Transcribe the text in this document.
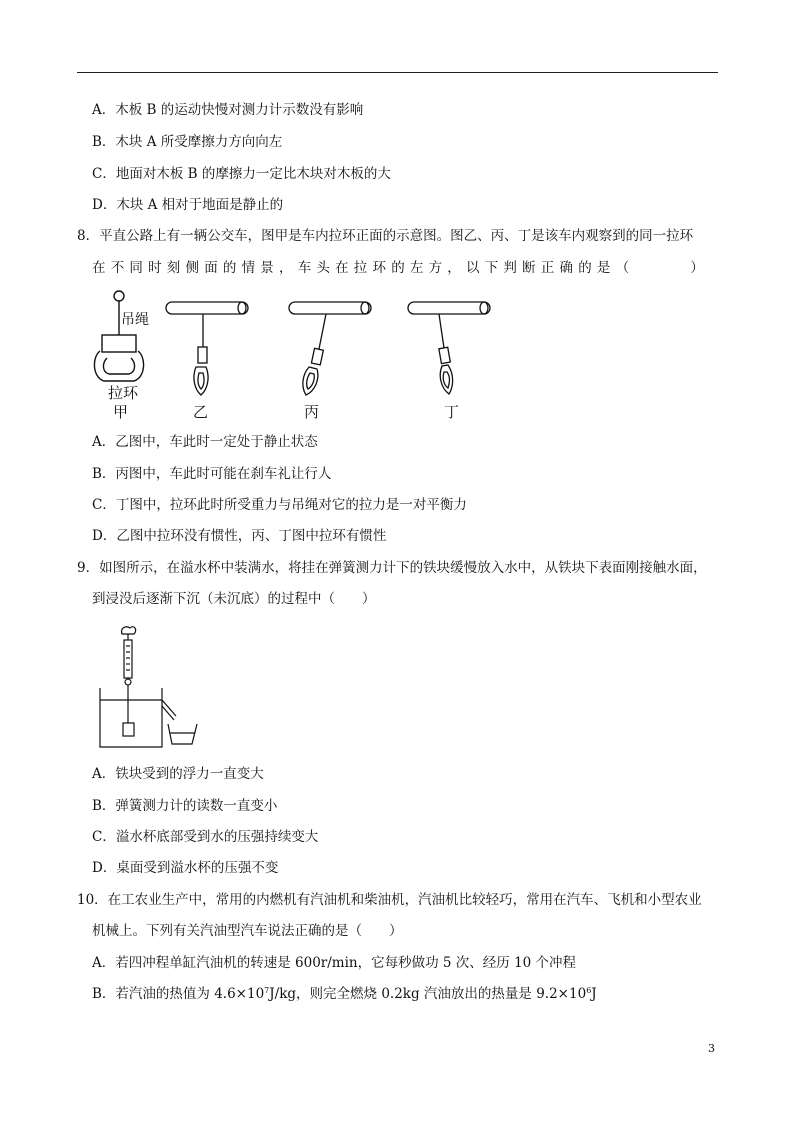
A．木板 B 的运动快慢对测力计示数没有影响
B．木块 A 所受摩擦力方向向左
C．地面对木板 B 的摩擦力一定比木块对木板的大
D．木块 A 相对于地面是静止的
8．平直公路上有一辆公交车，图甲是车内拉环正面的示意图。图乙、丙、丁是该车内观察到的同一拉环
在不同时刻侧面的情景，车头在拉环的左方，以下判断正确的是（　　　）
吊绳
拉环
甲	乙	丙	丁
A．乙图中，车此时一定处于静止状态
B．丙图中，车此时可能在刹车礼让行人
C．丁图中，拉环此时所受重力与吊绳对它的拉力是一对平衡力
D．乙图中拉环没有惯性，丙、丁图中拉环有惯性
9．如图所示，在溢水杯中装满水，将挂在弹簧测力计下的铁块缓慢放入水中，从铁块下表面刚接触水面，
到浸没后逐渐下沉（未沉底）的过程中（　　）
A．铁块受到的浮力一直变大
B．弹簧测力计的读数一直变小
C．溢水杯底部受到水的压强持续变大
D．桌面受到溢水杯的压强不变
10．在工农业生产中，常用的内燃机有汽油机和柴油机，汽油机比较轻巧，常用在汽车、飞机和小型农业
机械上。下列有关汽油型汽车说法正确的是（　　）
A．若四冲程单缸汽油机的转速是 600r/min，它每秒做功 5 次、经历 10 个冲程
B．若汽油的热值为 $4.6\times 10^7J/kg$，则完全燃烧 0.2kg 汽油放出的热量是 $9.2\times 10^6J$
3
